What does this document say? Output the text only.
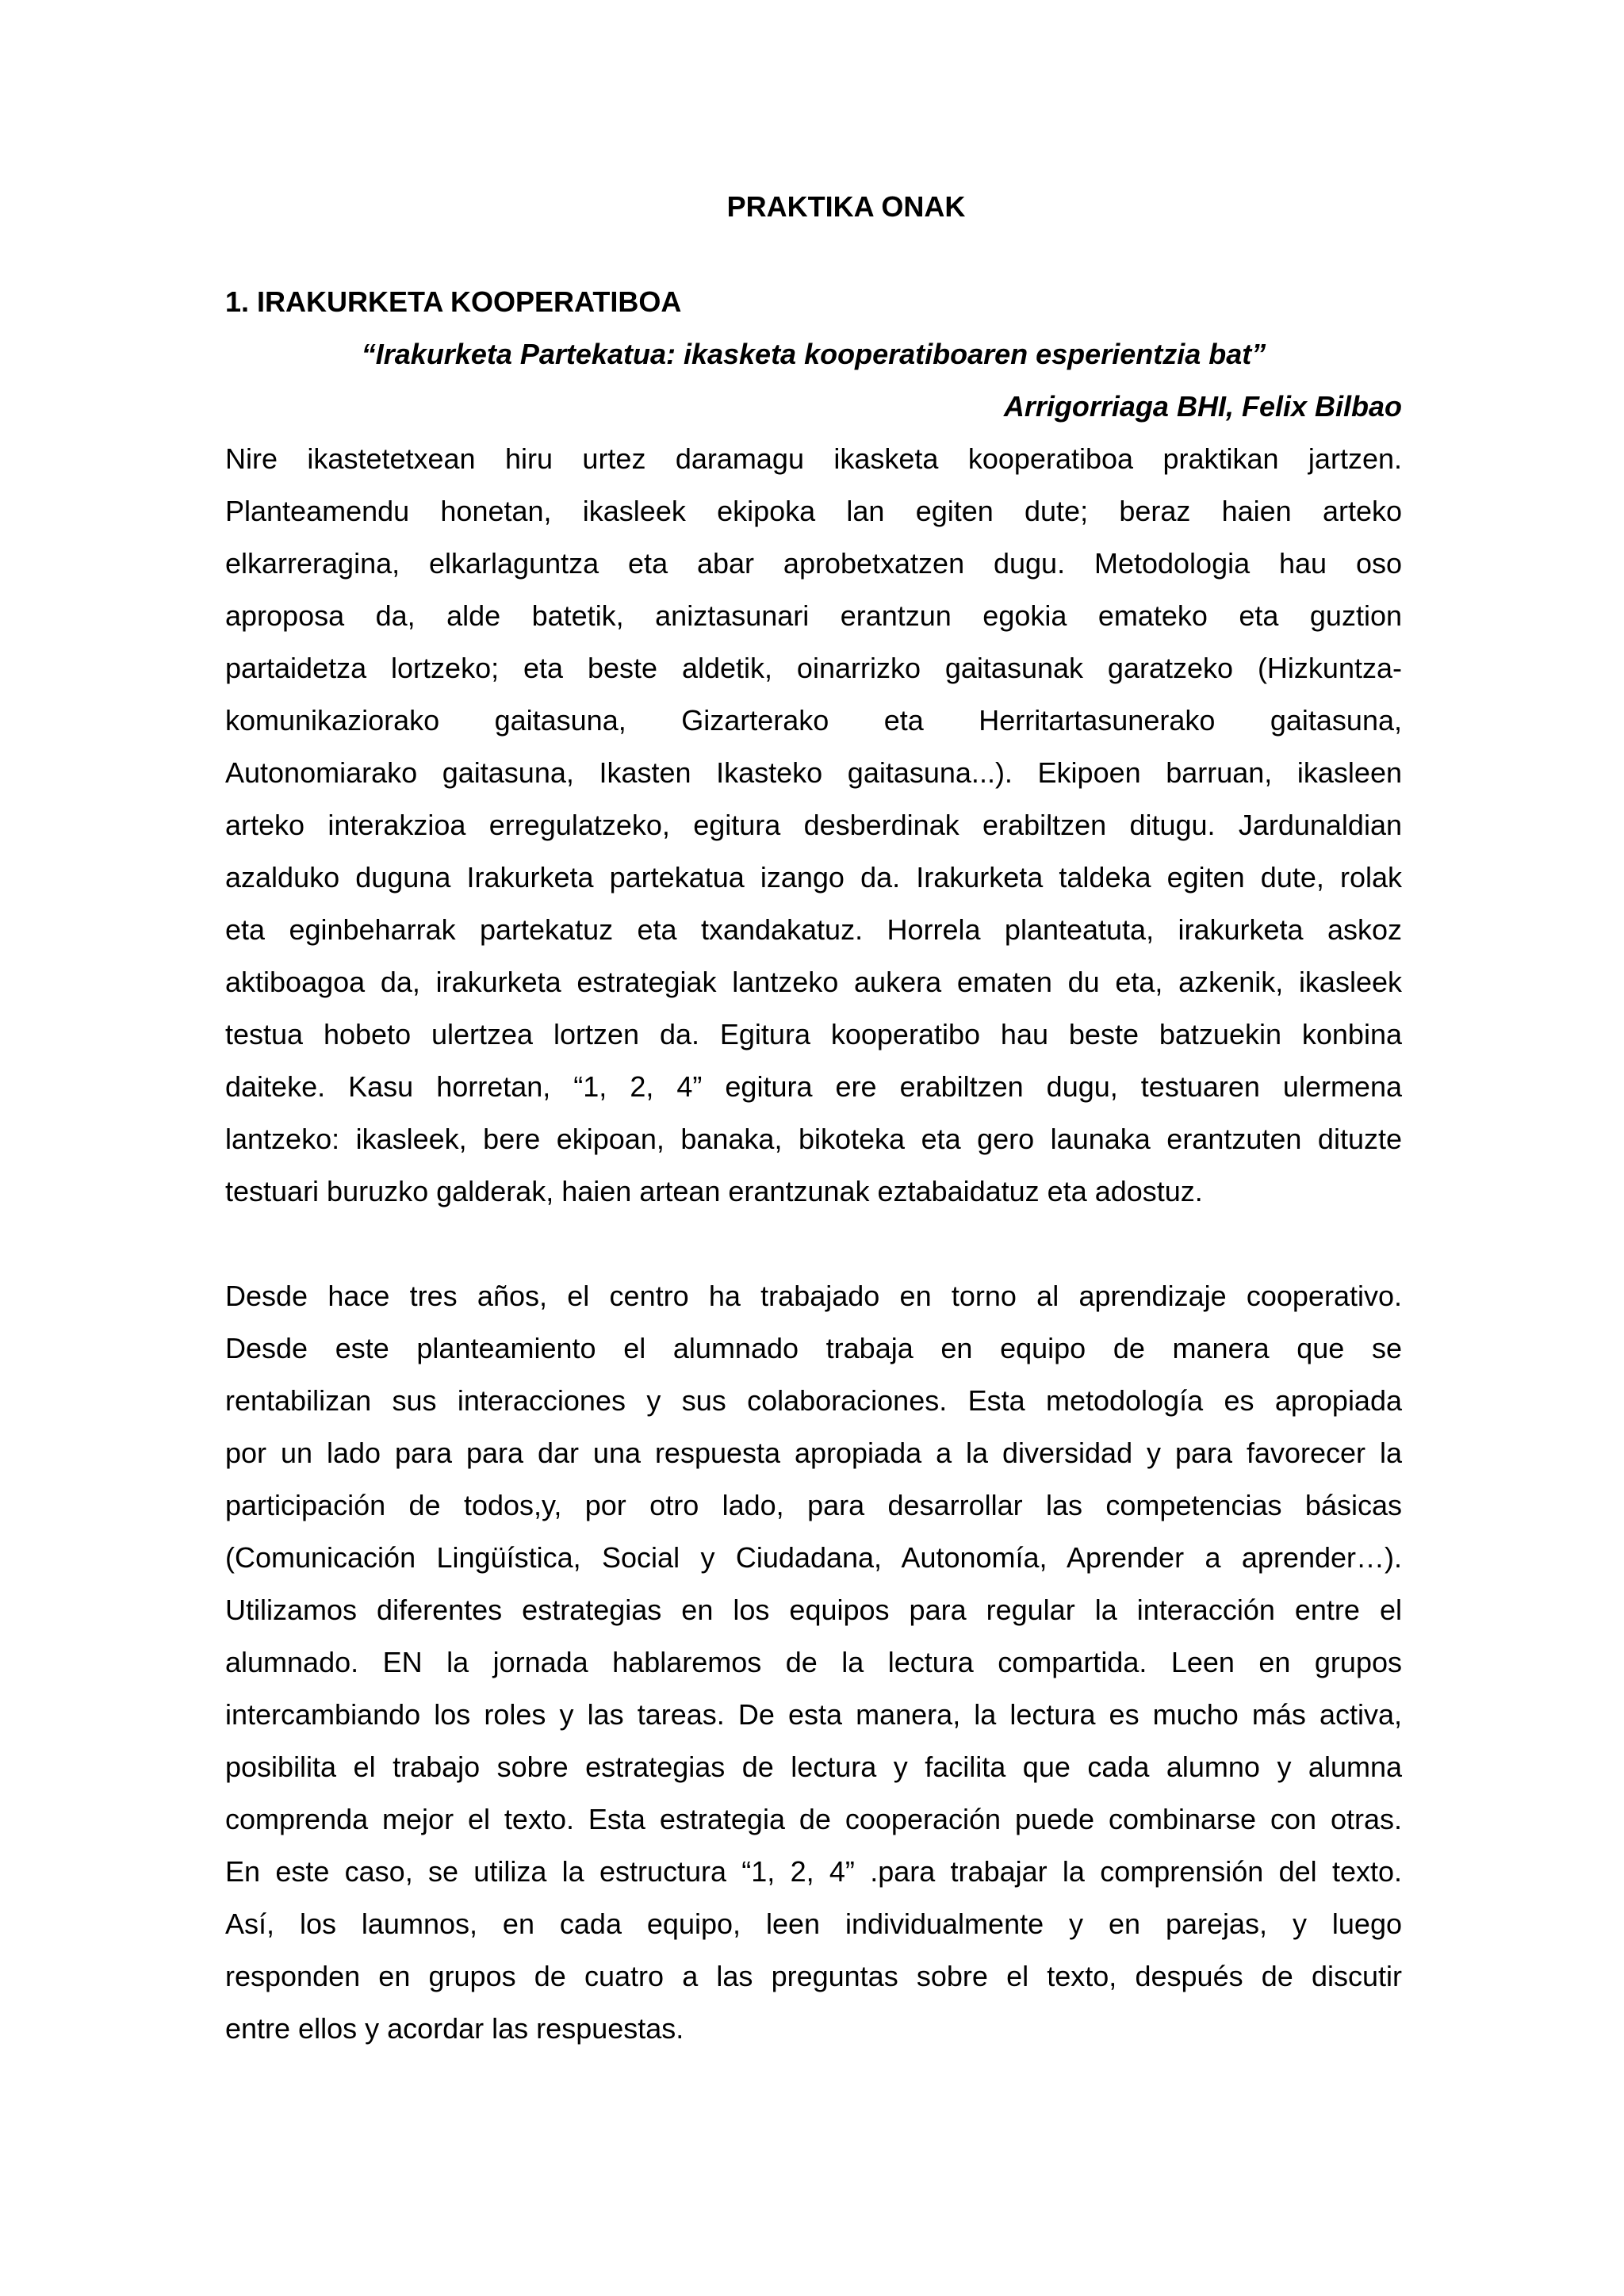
PRAKTIKA ONAK
1. IRAKURKETA KOOPERATIBOA

“Irakurketa Partekatua: ikasketa kooperatiboaren esperientzia bat”

Arrigorriaga BHI, Felix Bilbao

Nire ikastetetxean hiru urtez daramagu ikasketa kooperatiboa praktikan jartzen.
Planteamendu honetan, ikasleek ekipoka lan egiten dute; beraz haien arteko
elkarreragina, elkarlaguntza eta abar aprobetxatzen dugu. Metodologia hau oso
aproposa da, alde batetik, aniztasunari erantzun egokia emateko eta guztion
partaidetza lortzeko; eta beste aldetik, oinarrizko gaitasunak garatzeko (Hizkuntza-
komunikaziorako gaitasuna, Gizarterako eta Herritartasunerako gaitasuna,
Autonomiarako gaitasuna, Ikasten Ikasteko gaitasuna...). Ekipoen barruan, ikasleen
arteko interakzioa erregulatzeko, egitura desberdinak erabiltzen ditugu. Jardunaldian
azalduko duguna Irakurketa partekatua izango da. Irakurketa taldeka egiten dute, rolak
eta eginbeharrak partekatuz eta txandakatuz. Horrela planteatuta, irakurketa askoz
aktiboagoa da, irakurketa estrategiak lantzeko aukera ematen du eta, azkenik, ikasleek
testua hobeto ulertzea lortzen da. Egitura kooperatibo hau beste batzuekin konbina
daiteke. Kasu horretan, “1, 2, 4” egitura ere erabiltzen dugu, testuaren ulermena
lantzeko: ikasleek, bere ekipoan, banaka, bikoteka eta gero launaka erantzuten dituzte
testuari buruzko galderak, haien artean erantzunak eztabaidatuz eta adostuz.

Desde hace tres años, el centro ha trabajado en torno al aprendizaje cooperativo.
Desde este planteamiento el alumnado trabaja en equipo de manera que se
rentabilizan sus interacciones y sus colaboraciones. Esta metodología es apropiada
por un lado para para dar una respuesta apropiada a la diversidad y para favorecer la
participación de todos,y, por otro lado, para desarrollar las competencias básicas
(Comunicación Lingüística, Social y Ciudadana, Autonomía, Aprender a aprender…).
Utilizamos diferentes estrategias en los equipos para regular la interacción entre el
alumnado. EN la jornada hablaremos de la lectura compartida. Leen en grupos
intercambiando los roles y las tareas. De esta manera, la lectura es mucho más activa,
posibilita el trabajo sobre estrategias de lectura y facilita que cada alumno y alumna
comprenda mejor el texto. Esta estrategia de cooperación puede combinarse con otras.
En este caso, se utiliza la estructura “1, 2, 4” .para trabajar la comprensión del texto.
Así, los laumnos, en cada equipo, leen individualmente y en parejas, y luego
responden en grupos de cuatro a las preguntas sobre el texto, después de discutir
entre ellos y acordar las respuestas.
